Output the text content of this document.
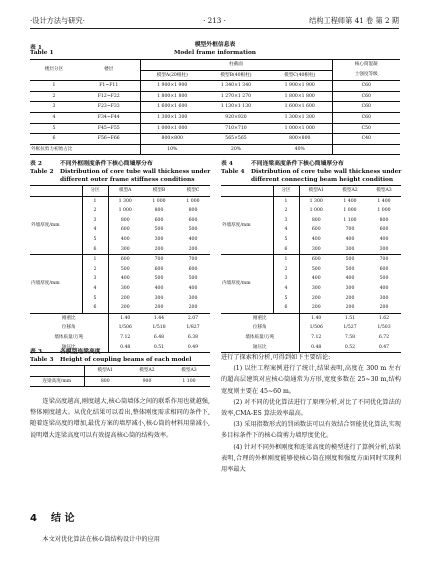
·设计方法与研究·	· 213 ·	结构工程师第 41 卷 第 2 期
模型外框信息表
表 1
Table 1	Model frame information
楼层分区	楼层	柱截面			核心筒混凝
		模型A(20根柱)	模型B(40根柱)	模型C(40根柱)	土强度等级
1	F1~F11	1 900×1 900	1 340×1 340	1 900×1 900	C60
2	F12~F22	1 800×1 800	1 270×1 270	1 800×1 800	C60
3	F23~F33	1 600×1 600	1 130×1 130	1 600×1 600	C60
4	F34~F44	1 300×1 300	920×920	1 300×1 300	C60
5	F45~F55	1 000×1 000	710×710	1 000×1 000	C50
6	F56~F66	800×800	565×565	800×800	C40
外框抗剪力初始占比		10%	20%	40%	
表 2	不同外框刚度条件下核心筒墙厚分布
Table 2 Distribution of core tube wall thickness under
different outer frame stiffness conditions
	分区	模型A	模型B	模型C
外墙厚度/mm	1	1 300	1 000	1 000
	2	1 000	800	800
	3	800	600	600
	4	600	500	500
	5	400	300	400
	6	300	200	200
内墙厚度/mm	1	600	700	700
	2	500	600	600
	3	400	500	500
	4	300	400	400
	5	200	300	300
	6	200	200	200
刚重比		1.40	1.44	2.07
位移角		1/506	1/518	1/827
墙体质量/万吨		7.12	6.48	6.38
轴压比		0.48	0.51	0.49
表 4	不同连梁高度条件下核心筒墙厚分布
Table 4 Distribution of core tube wall thickness under
different connecting beam height condition
	分区	模型A1	模型A2	模型A3
外墙厚度/mm	1	1 300	1 400	1 400
	2	1 000	1 000	1 000
	3	800	1 100	800
	4	600	700	600
	5	400	400	400
	6	300	300	300
内墙厚度/mm	1	600	500	700
	2	500	500	600
	3	400	400	500
	4	300	300	400
	5	200	200	300
	6	200	200	200
刚重比		1.40	1.51	1.62
位移角		1/506	1/527	1/503
墙体质量/万吨		7.12	7.58	6.72
轴压比		0.48	0.52	0.47
表 3	各模型连梁高度
Table 3 Height of coupling beams of each model
	模型A1	模型A2	模型A3
连梁高度/mm	800	900	1 100

连梁高度越高,刚度越大,核心筒墙体之间的联系作用也就越强,整体刚度越大。从优化结果可以看出,整体刚度需求相同的条件下,随着连梁高度的增加,最优方案的墙厚减小,核心筒的材料用量减小,说明增大连梁高度可以有效提高核心筒的结构效率。

4 结 论

本文对优化算法在核心筒结构设计中的应用

进行了探索和分析,可得到如下主要结论:

(1) 以往工程案例进行了统计,结果表明,高度在 300 m 左右的超高层建筑对应核心筒通常为方形,宽度多数在 25~30 m,结构宽度则主要在 45~60 m。

(2) 对不同的优化算法进行了原理分析,对比了不同优化算法的效率,CMA-ES 算法效率最高。

(3) 采用指数形式的罚函数法可以有效结合智能优化算法,实现多目标条件下的核心筒剪力墙厚度优化。

(4) 针对不同外框刚度和连梁高度的模型进行了算例分析,结果表明,合理的外框刚度能够使核心筒在刚度和强度方面同时实现利用率最大
